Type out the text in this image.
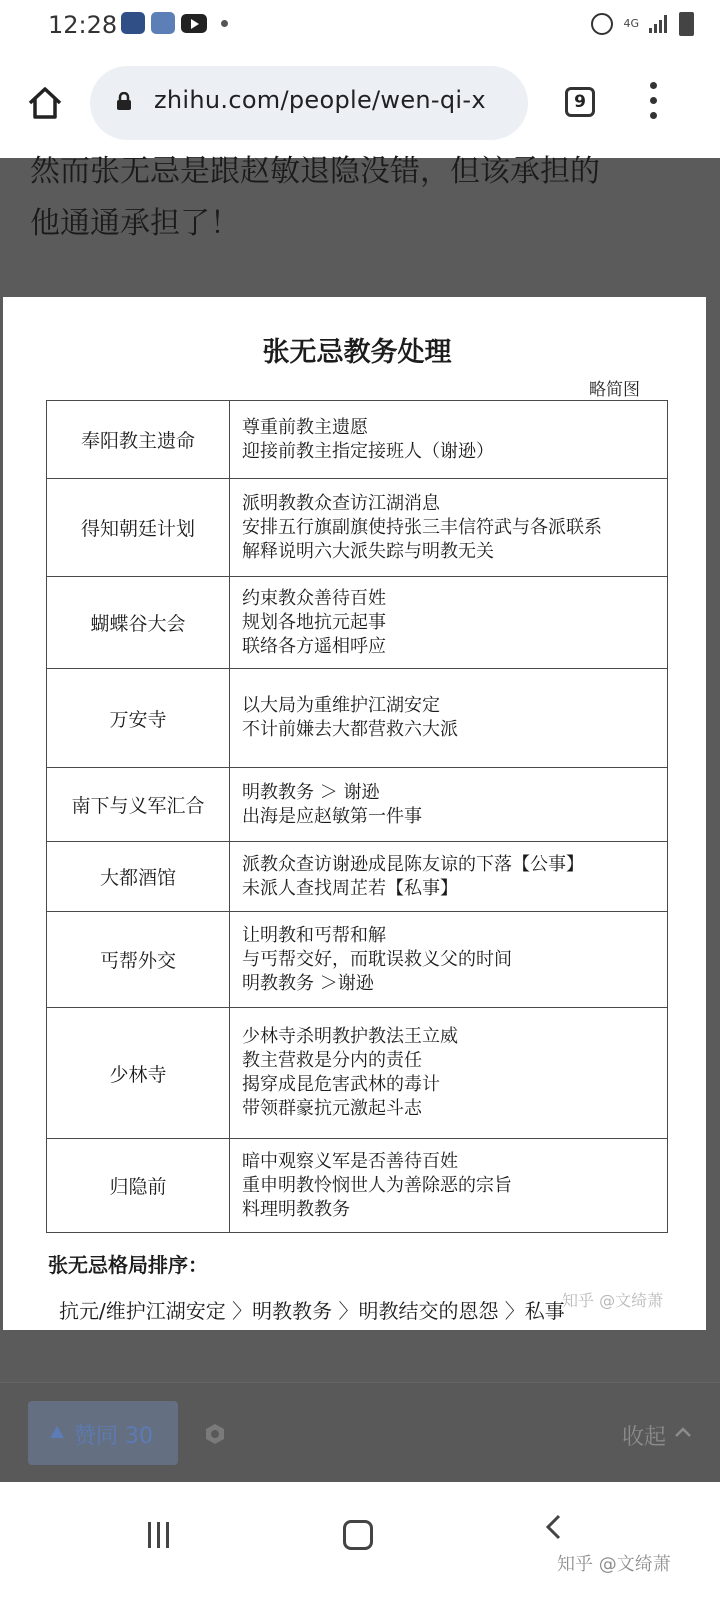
12:28	4G
zhihu.com/people/wen-qi-x	9
然而张无忌是跟赵敏退隐没错，但该承担的
他通通承担了！
张无忌教务处理
略简图
奉阳教主遗命	尊重前教主遗愿
迎接前教主指定接班人（谢逊）

得知朝廷计划	派明教教众查访江湖消息
安排五行旗副旗使持张三丰信符武与各派联系
解释说明六大派失踪与明教无关

蝴蝶谷大会	约束教众善待百姓
规划各地抗元起事
联络各方遥相呼应

万安寺	以大局为重维护江湖安定
不计前嫌去大都营救六大派

南下与义军汇合	明教教务 ＞ 谢逊
出海是应赵敏第一件事

大都酒馆	派教众查访谢逊成昆陈友谅的下落【公事】
未派人查找周芷若【私事】

丐帮外交	让明教和丐帮和解
与丐帮交好，而耽误救义父的时间
明教教务 ＞谢逊

少林寺	少林寺杀明教护教法王立威
教主营救是分内的责任
揭穿成昆危害武林的毒计
带领群豪抗元激起斗志

归隐前	暗中观察义军是否善待百姓
重申明教怜悯世人为善除恶的宗旨
料理明教教务
张无忌格局排序：
抗元/维护江湖安定 〉明教教务 〉明教结交的恩怨 〉私事
知乎 @文绮萧
赞同 30	收起
知乎 @文绮萧
